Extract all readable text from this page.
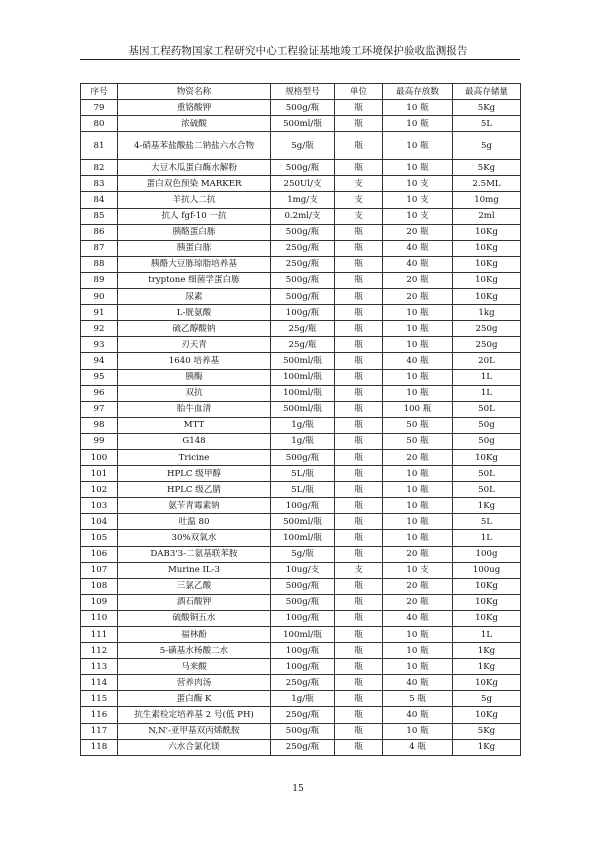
基因工程药物国家工程研究中心工程验证基地竣工环境保护验收监测报告
序号	物资名称	规格型号	单位	最高存放数	最高存储量
79	重铬酸钾	500g/瓶	瓶	10 瓶	5Kg
80	浓硫酸	500ml/瓶	瓶	10 瓶	5L
81	4-硝基苯盐酸盐二钠盐六水合物	5g/瓶	瓶	10 瓶	5g
82	大豆木瓜蛋白酶水解粉	500g/瓶	瓶	10 瓶	5Kg
83	蛋白双色预染 MARKER	250Ul/支	支	10 支	2.5ML
84	羊抗人二抗	1mg/支	支	10 支	10mg
85	抗人 fgf-10 一抗	0.2ml/支	支	10 支	2ml
86	胰酪蛋白胨	500g/瓶	瓶	20 瓶	10Kg
87	胰蛋白胨	250g/瓶	瓶	40 瓶	10Kg
88	胰酪大豆胨琼脂培养基	250g/瓶	瓶	40 瓶	10Kg
89	tryptone 细菌学蛋白胨	500g/瓶	瓶	20 瓶	10Kg
90	尿素	500g/瓶	瓶	20 瓶	10Kg
91	L-胱氨酸	100g/瓶	瓶	10 瓶	1kg
92	硫乙醇酸钠	25g/瓶	瓶	10 瓶	250g
93	刃天青	25g/瓶	瓶	10 瓶	250g
94	1640 培养基	500ml/瓶	瓶	40 瓶	20L
95	胰酶	100ml/瓶	瓶	10 瓶	1L
96	双抗	100ml/瓶	瓶	10 瓶	1L
97	胎牛血清	500ml/瓶	瓶	100 瓶	50L
98	MTT	1g/瓶	瓶	50 瓶	50g
99	G148	1g/瓶	瓶	50 瓶	50g
100	Tricine	500g/瓶	瓶	20 瓶	10Kg
101	HPLC 级甲醇	5L/瓶	瓶	10 瓶	50L
102	HPLC 级乙腈	5L/瓶	瓶	10 瓶	50L
103	氨苄青霉素钠	100g/瓶	瓶	10 瓶	1Kg
104	吐温 80	500ml/瓶	瓶	10 瓶	5L
105	30%双氧水	100ml/瓶	瓶	10 瓶	1L
106	DAB3'3-二氨基联苯胺	5g/瓶	瓶	20 瓶	100g
107	Murine IL-3	10ug/支	支	10 支	100ug
108	三氯乙酸	500g/瓶	瓶	20 瓶	10Kg
109	酒石酸钾	500g/瓶	瓶	20 瓶	10Kg
110	硫酸铜五水	100g/瓶	瓶	40 瓶	10Kg
111	福林酚	100ml/瓶	瓶	10 瓶	1L
112	5-磺基水杨酸二水	100g/瓶	瓶	10 瓶	1Kg
113	马来酸	100g/瓶	瓶	10 瓶	1Kg
114	营养肉汤	250g/瓶	瓶	40 瓶	10Kg
115	蛋白酶 K	1g/瓶	瓶	5 瓶	5g
116	抗生素检定培养基 2 号(低 PH)	250g/瓶	瓶	40 瓶	10Kg
117	N,N'-亚甲基双丙烯酰胺	500g/瓶	瓶	10 瓶	5Kg
118	六水合氯化镁	250g/瓶	瓶	4 瓶	1Kg
15
